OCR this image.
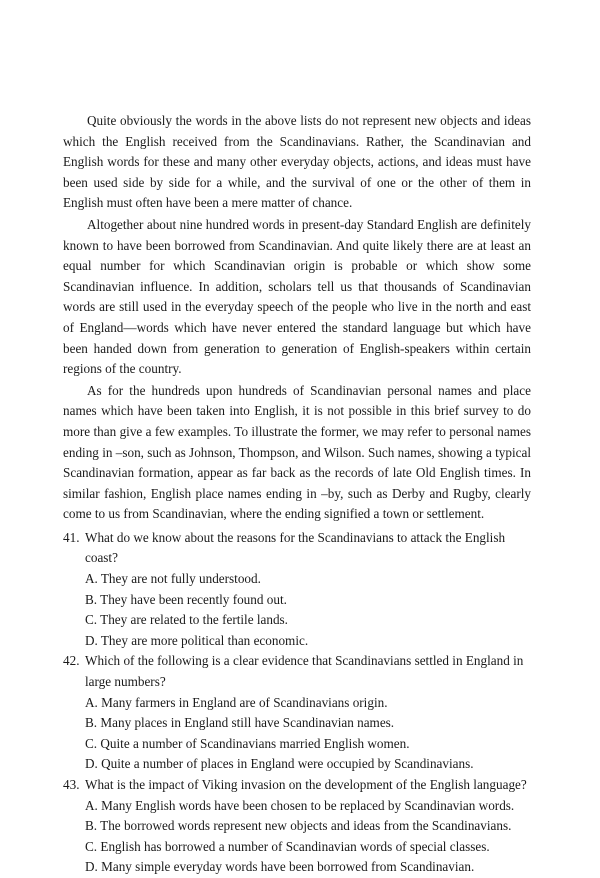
Quite obviously the words in the above lists do not represent new objects and ideas which the English received from the Scandinavians. Rather, the Scandinavian and English words for these and many other everyday objects, actions, and ideas must have been used side by side for a while, and the survival of one or the other of them in English must often have been a mere matter of chance.

Altogether about nine hundred words in present-day Standard English are definitely known to have been borrowed from Scandinavian. And quite likely there are at least an equal number for which Scandinavian origin is probable or which show some Scandinavian influence. In addition, scholars tell us that thousands of Scandinavian words are still used in the everyday speech of the people who live in the north and east of England—words which have never entered the standard language but which have been handed down from generation to generation of English-speakers within certain regions of the country.

As for the hundreds upon hundreds of Scandinavian personal names and place names which have been taken into English, it is not possible in this brief survey to do more than give a few examples. To illustrate the former, we may refer to personal names ending in –son, such as Johnson, Thompson, and Wilson. Such names, showing a typical Scandinavian formation, appear as far back as the records of late Old English times. In similar fashion, English place names ending in –by, such as Derby and Rugby, clearly come to us from Scandinavian, where the ending signified a town or settlement.

41. What do we know about the reasons for the Scandinavians to attack the English coast?

A. They are not fully understood.

B. They have been recently found out.

C. They are related to the fertile lands.

D. They are more political than economic.

42. Which of the following is a clear evidence that Scandinavians settled in England in large numbers?

A. Many farmers in England are of Scandinavians origin.

B. Many places in England still have Scandinavian names.

C. Quite a number of Scandinavians married English women.

D. Quite a number of places in England were occupied by Scandinavians.

43. What is the impact of Viking invasion on the development of the English language?

A. Many English words have been chosen to be replaced by Scandinavian words.

B. The borrowed words represent new objects and ideas from the Scandinavians.

C. English has borrowed a number of Scandinavian words of special classes.

D. Many simple everyday words have been borrowed from Scandinavian.
